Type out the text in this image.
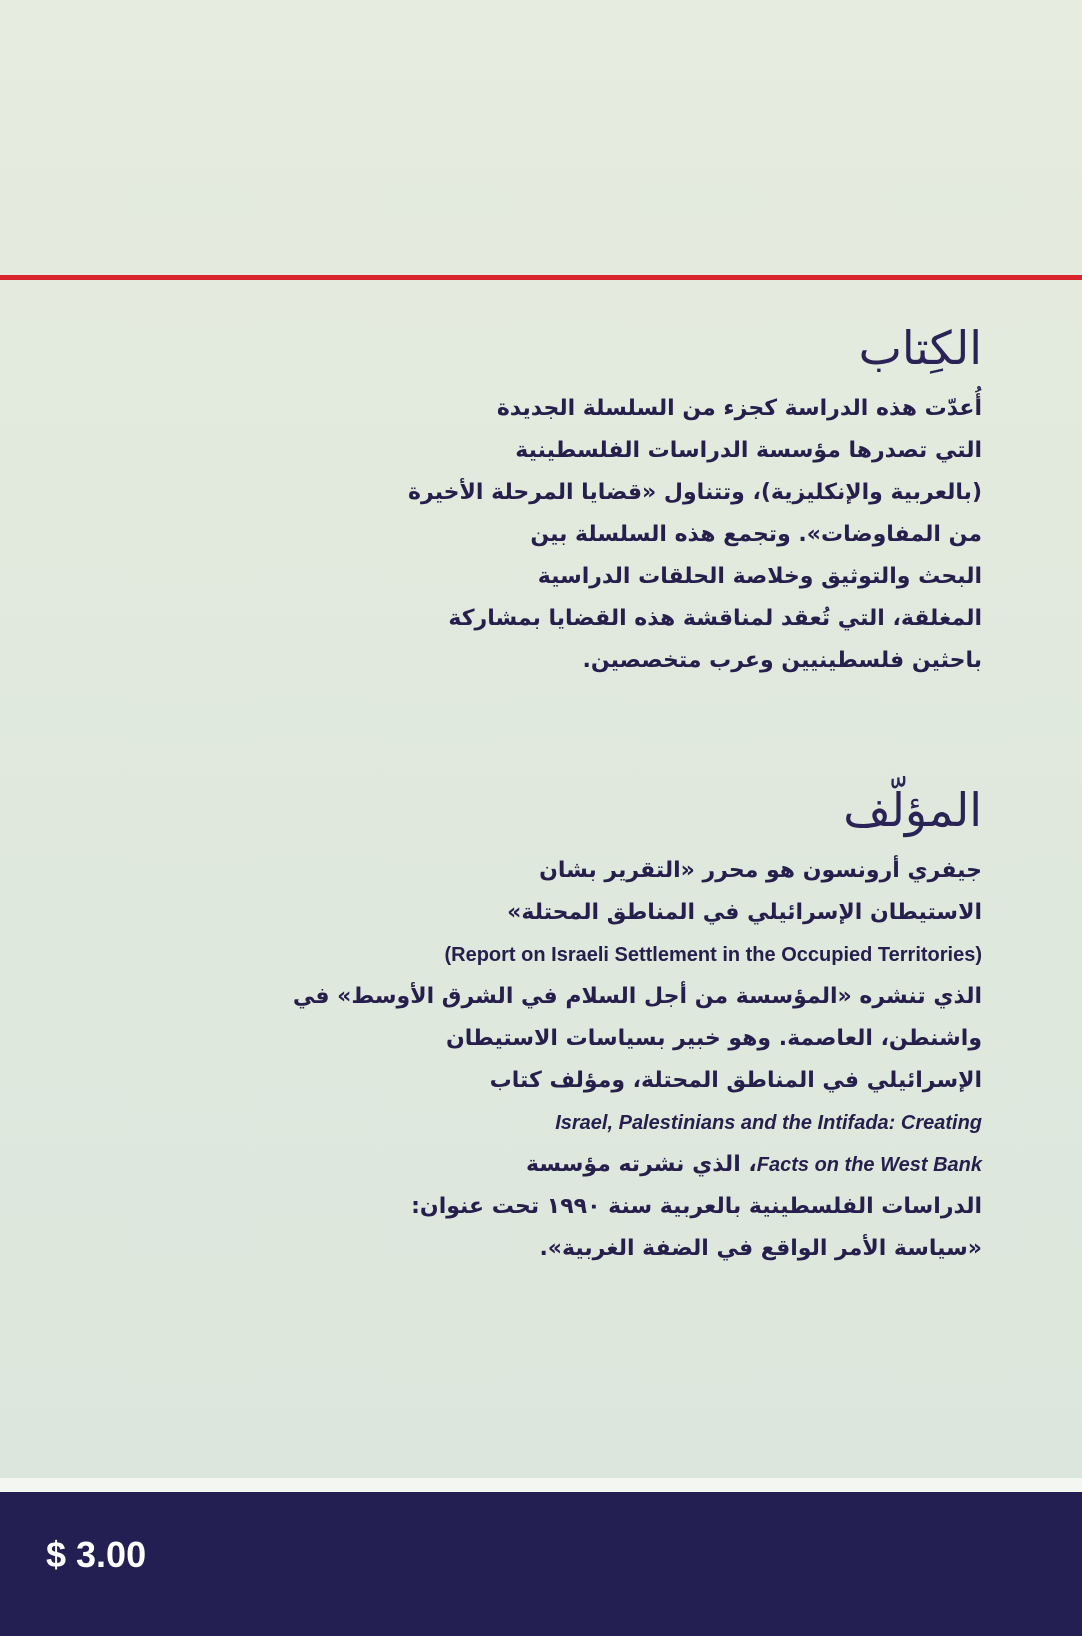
الكِتاب
أُعدّت هذه الدراسة كجزء من السلسلة الجديدة
التي تصدرها مؤسسة الدراسات الفلسطينية
(بالعربية والإنكليزية)، وتتناول «قضايا المرحلة الأخيرة
من المفاوضات». وتجمع هذه السلسلة بين
البحث والتوثيق وخلاصة الحلقات الدراسية
المغلقة، التي تُعقد لمناقشة هذه القضايا بمشاركة
باحثين فلسطينيين وعرب متخصصين.
المؤلّف
جيفري أرونسون هو محرر «التقرير بشان
الاستيطان الإسرائيلي في المناطق المحتلة»
(Report on Israeli Settlement in the Occupied Territories)
الذي تنشره «المؤسسة من أجل السلام في الشرق الأوسط» في
واشنطن، العاصمة. وهو خبير بسياسات الاستيطان
الإسرائيلي في المناطق المحتلة، ومؤلف كتاب
Israel, Palestinians and the Intifada: Creating
Facts on the West Bank، الذي نشرته مؤسسة
الدراسات الفلسطينية بالعربية سنة ١٩٩٠ تحت عنوان:
«سياسة الأمر الواقع في الضفة الغربية».
$ 3.00
